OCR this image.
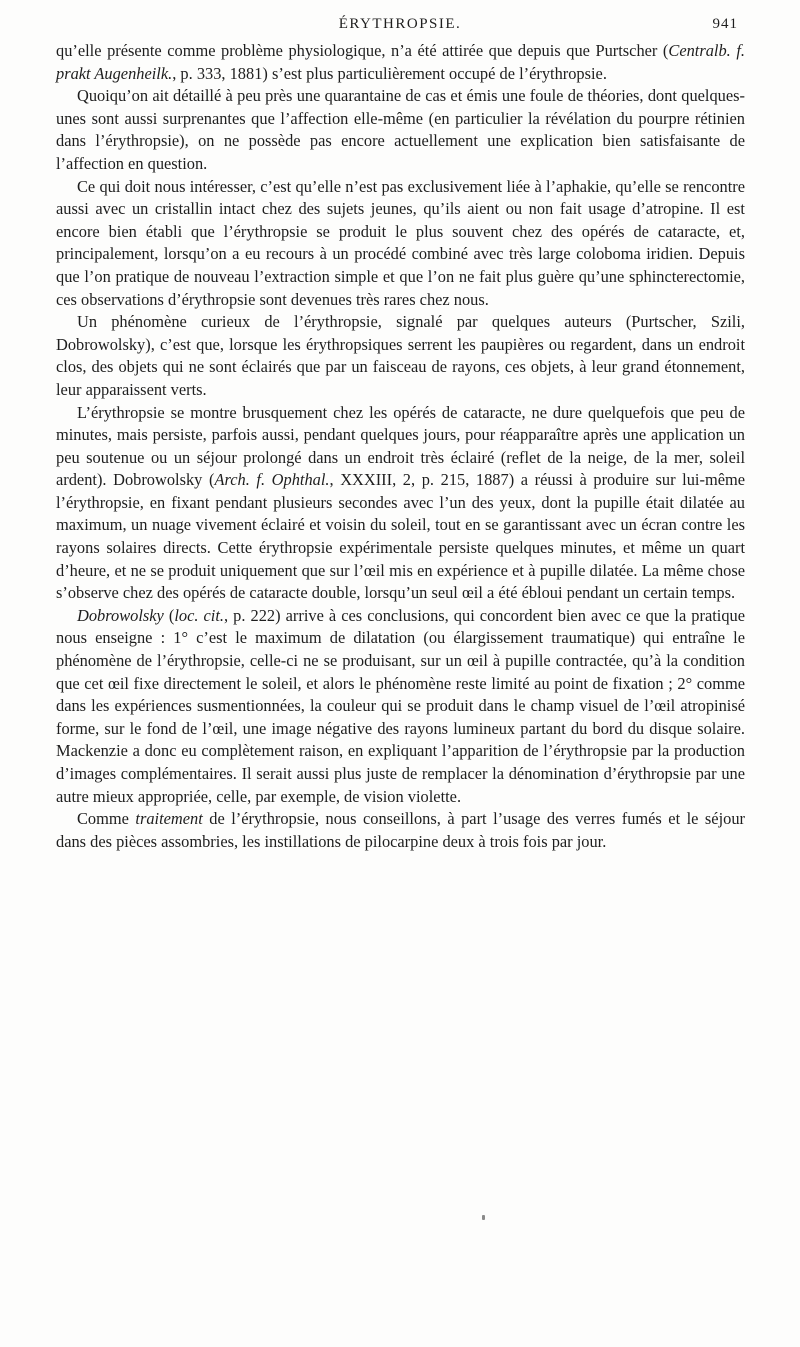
ÉRYTHROPSIE.	941

qu’elle présente comme problème physiologique, n’a été attirée que depuis que Purtscher (Centralb. f. prakt Augenheilk., p. 333, 1881) s’est plus particulièrement occupé de l’érythropsie.

Quoiqu’on ait détaillé à peu près une quarantaine de cas et émis une foule de théories, dont quelques-unes sont aussi surprenantes que l’affection elle-même (en particulier la révélation du pourpre rétinien dans l’érythropsie), on ne possède pas encore actuellement une explication bien satisfaisante de l’affection en question.

Ce qui doit nous intéresser, c’est qu’elle n’est pas exclusivement liée à l’aphakie, qu’elle se rencontre aussi avec un cristallin intact chez des sujets jeunes, qu’ils aient ou non fait usage d’atropine. Il est encore bien établi que l’érythropsie se produit le plus souvent chez des opérés de cataracte, et, principalement, lorsqu’on a eu recours à un procédé combiné avec très large coloboma iridien. Depuis que l’on pratique de nouveau l’extraction simple et que l’on ne fait plus guère qu’une sphincterectomie, ces observations d’érythropsie sont devenues très rares chez nous.

Un phénomène curieux de l’érythropsie, signalé par quelques auteurs (Purtscher, Szili, Dobrowolsky), c’est que, lorsque les érythropsiques serrent les paupières ou regardent, dans un endroit clos, des objets qui ne sont éclairés que par un faisceau de rayons, ces objets, à leur grand étonnement, leur apparaissent verts.

L’érythropsie se montre brusquement chez les opérés de cataracte, ne dure quelquefois que peu de minutes, mais persiste, parfois aussi, pendant quelques jours, pour réapparaître après une application un peu soutenue ou un séjour prolongé dans un endroit très éclairé (reflet de la neige, de la mer, soleil ardent). Dobrowolsky (Arch. f. Ophthal., XXXIII, 2, p. 215, 1887) a réussi à produire sur lui-même l’érythropsie, en fixant pendant plusieurs secondes avec l’un des yeux, dont la pupille était dilatée au maximum, un nuage vivement éclairé et voisin du soleil, tout en se garantissant avec un écran contre les rayons solaires directs. Cette érythropsie expérimentale persiste quelques minutes, et même un quart d’heure, et ne se produit uniquement que sur l’œil mis en expérience et à pupille dilatée. La même chose s’observe chez des opérés de cataracte double, lorsqu’un seul œil a été ébloui pendant un certain temps.

Dobrowolsky (loc. cit., p. 222) arrive à ces conclusions, qui concordent bien avec ce que la pratique nous enseigne : 1° c’est le maximum de dilatation (ou élargissement traumatique) qui entraîne le phénomène de l’érythropsie, celle-ci ne se produisant, sur un œil à pupille contractée, qu’à la condition que cet œil fixe directement le soleil, et alors le phénomène reste limité au point de fixation ; 2° comme dans les expériences susmentionnées, la couleur qui se produit dans le champ visuel de l’œil atropinisé forme, sur le fond de l’œil, une image négative des rayons lumineux partant du bord du disque solaire. Mackenzie a donc eu complètement raison, en expliquant l’apparition de l’érythropsie par la production d’images complémentaires. Il serait aussi plus juste de remplacer la dénomination d’érythropsie par une autre mieux appropriée, celle, par exemple, de vision violette.

Comme traitement de l’érythropsie, nous conseillons, à part l’usage des verres fumés et le séjour dans des pièces assombries, les instillations de pilocarpine deux à trois fois par jour.
